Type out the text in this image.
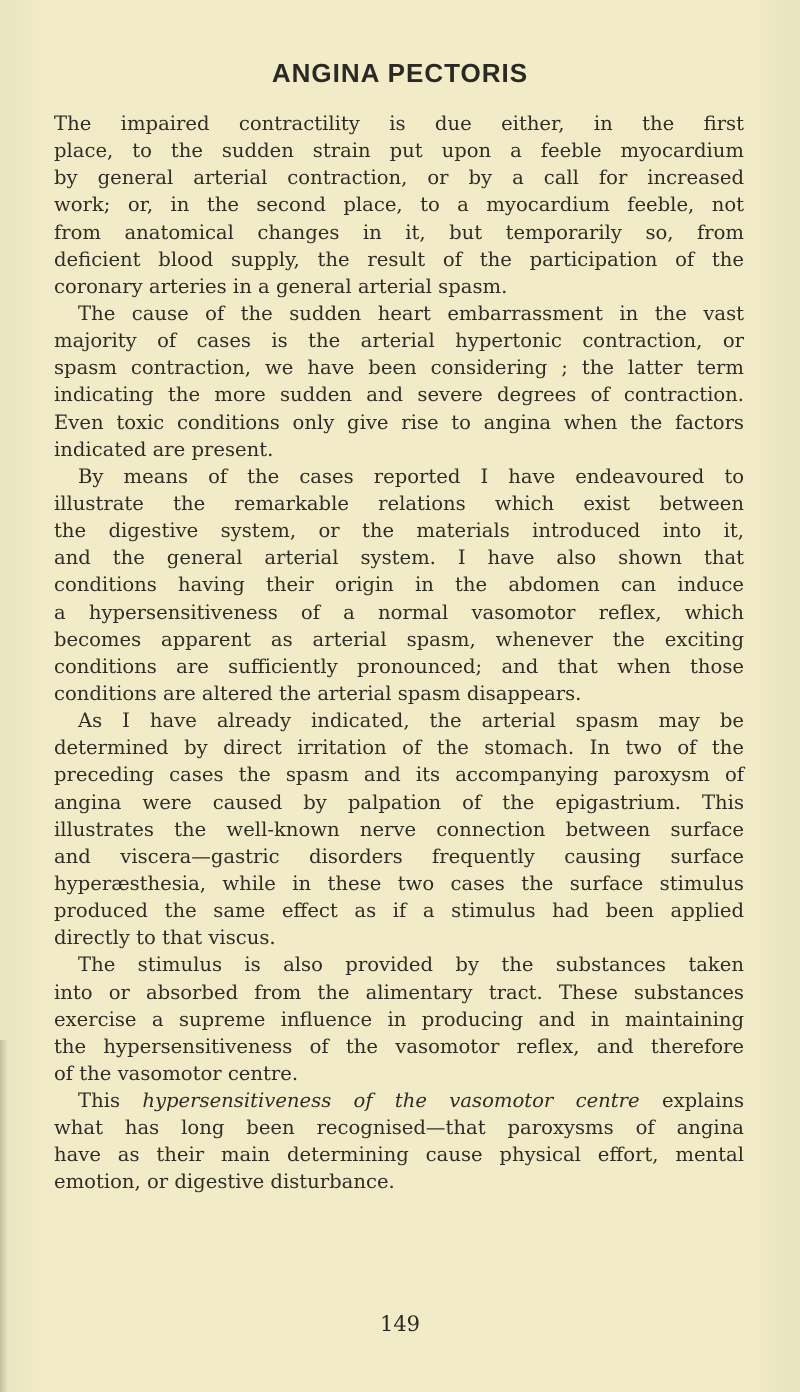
ANGINA PECTORIS
The impaired contractility is due either, in the first
place, to the sudden strain put upon a feeble myocardium
by general arterial contraction, or by a call for increased
work; or, in the second place, to a myocardium feeble, not
from anatomical changes in it, but temporarily so, from
deficient blood supply, the result of the participation of the
coronary arteries in a general arterial spasm.
The cause of the sudden heart embarrassment in the vast
majority of cases is the arterial hypertonic contraction, or
spasm contraction, we have been considering ; the latter term
indicating the more sudden and severe degrees of contraction.
Even toxic conditions only give rise to angina when the factors
indicated are present.
By means of the cases reported I have endeavoured to
illustrate the remarkable relations which exist between
the digestive system, or the materials introduced into it,
and the general arterial system. I have also shown that
conditions having their origin in the abdomen can induce
a hypersensitiveness of a normal vasomotor reflex, which
becomes apparent as arterial spasm, whenever the exciting
conditions are sufficiently pronounced; and that when those
conditions are altered the arterial spasm disappears.
As I have already indicated, the arterial spasm may be
determined by direct irritation of the stomach. In two of the
preceding cases the spasm and its accompanying paroxysm of
angina were caused by palpation of the epigastrium. This
illustrates the well-known nerve connection between surface
and viscera—gastric disorders frequently causing surface
hyperæsthesia, while in these two cases the surface stimulus
produced the same effect as if a stimulus had been applied
directly to that viscus.
The stimulus is also provided by the substances taken
into or absorbed from the alimentary tract. These substances
exercise a supreme influence in producing and in maintaining
the hypersensitiveness of the vasomotor reflex, and therefore
of the vasomotor centre.
This hypersensitiveness of the vasomotor centre explains
what has long been recognised—that paroxysms of angina
have as their main determining cause physical effort, mental
emotion, or digestive disturbance.
149
